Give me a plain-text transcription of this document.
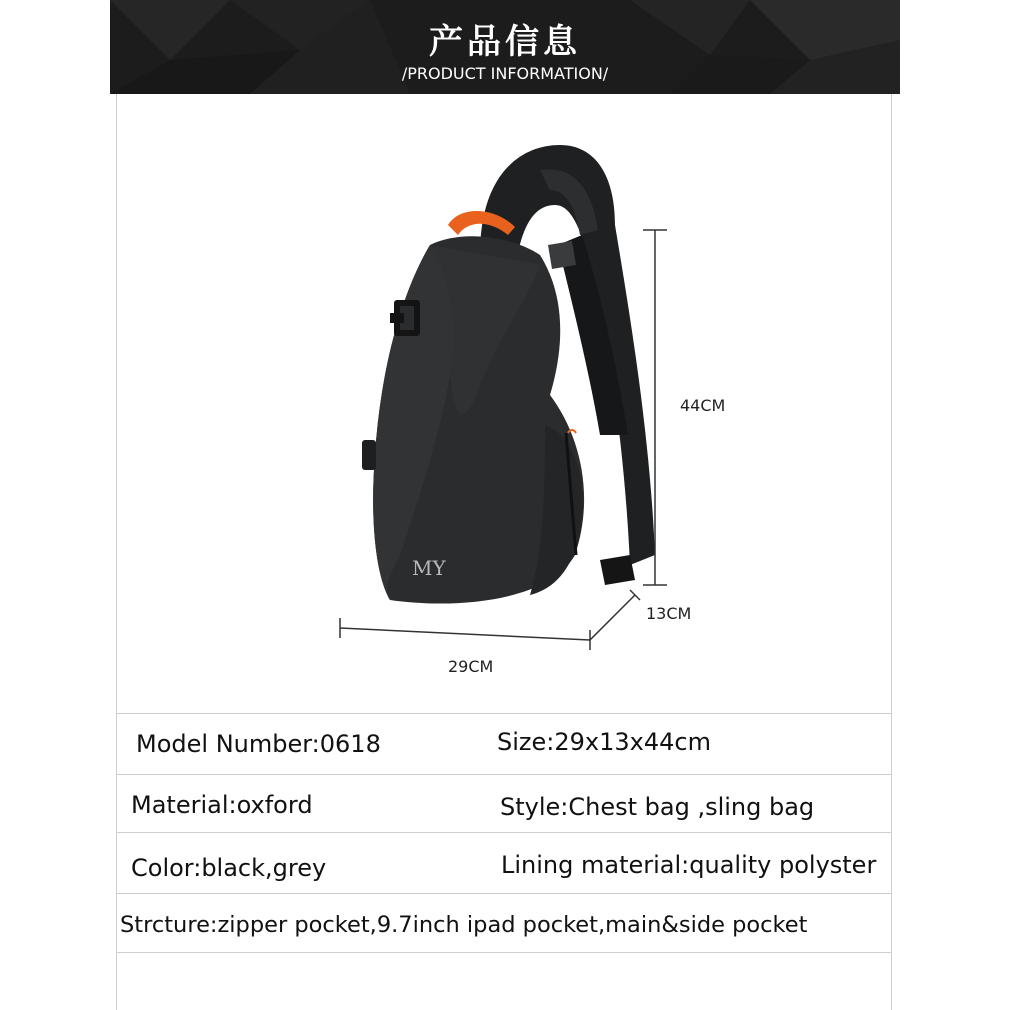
产品信息
/PRODUCT INFORMATION/
MY
44CM
13CM
29CM
Model Number:0618	Size:29x13x44cm
Material:oxford	Style:Chest bag ,sling bag
Color:black,grey	Lining material:quality polyster
Strcture:zipper pocket,9.7inch ipad pocket,main&side pocket
